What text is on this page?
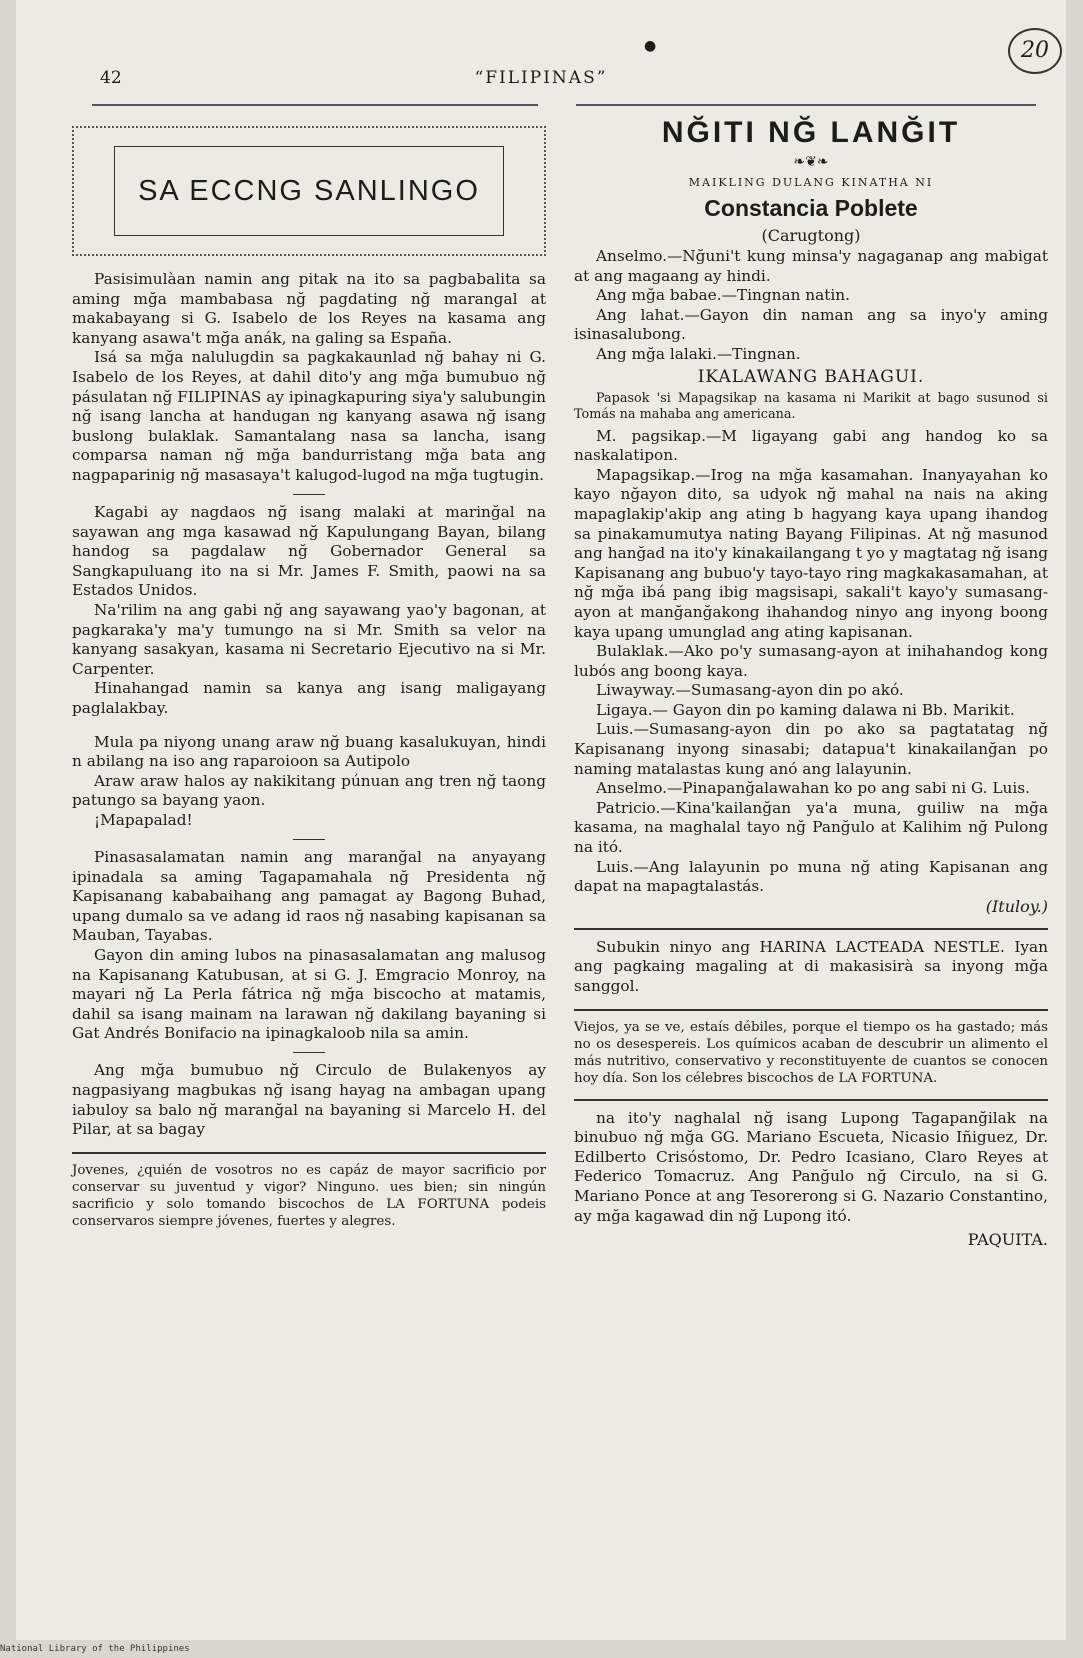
42	“FILIPINAS”
●	20
SA ECCNG SANLINGO

Pasisimulàan namin ang pitak na ito sa pagbabalita sa aming mğa mambabasa nğ pagdating nğ marangal at makabayang si G. Isabelo de los Reyes na kasama ang kanyang asawa't mğa anák, na galing sa España.

Isá sa mğa nalulugdin sa pagkakaunlad nğ bahay ni G. Isabelo de los Reyes, at dahil dito'y ang mğa bumubuo nğ pásulatan nğ FILIPINAS ay ipinagkapuring siya'y salubungin nğ isang lancha at handugan ng kanyang asawa nğ isang buslong bulaklak. Samantalang nasa sa lancha, isang comparsa naman nğ mğa bandurristang mğa bata ang nagpaparinig nğ masasaya't kalugod-lugod na mğa tugtugin.

Kagabi ay nagdaos nğ isang malaki at marinğal na sayawan ang mga kasawad nğ Kapulungang Bayan, bilang handog sa pagdalaw nğ Gobernador General sa Sangkapuluang ito na si Mr. James F. Smith, paowi na sa Estados Unidos.

Na'rilim na ang gabi nğ ang sayawang yao'y bagonan, at pagkaraka'y ma'y tumungo na si Mr. Smith sa velor na kanyang sasakyan, kasama ni Secretario Ejecutivo na si Mr. Carpenter.

Hinahangad namin sa kanya ang isang maligayang paglalakbay.

Mula pa niyong unang araw nğ buang kasalukuyan, hindi n abilang na iso ang raparoioon sa Autipolo

Araw araw halos ay nakikitang púnuan ang tren nğ taong patungo sa bayang yaon.

¡Mapapalad!

Pinasasalamatan namin ang maranğal na anyayang ipinadala sa aming Tagapamahala nğ Presidenta nğ Kapisanang kababaihang ang pamagat ay Bagong Buhad, upang dumalo sa ve adang id raos nğ nasabing kapisanan sa Mauban, Tayabas.

Gayon din aming lubos na pinasasalamatan ang malusog na Kapisanang Katubusan, at si G. J. Emgracio Monroy, na mayari nğ La Perla fátrica nğ mğa biscocho at matamis, dahil sa isang mainam na larawan nğ dakilang bayaning si Gat Andrés Bonifacio na ipinagkaloob nila sa amin.

Ang mğa bumubuo nğ Circulo de Bulakenyos ay nagpasiyang magbukas nğ isang hayag na ambagan upang iabuloy sa balo nğ maranğal na bayaning si Marcelo H. del Pilar, at sa bagay

Jovenes, ¿quién de vosotros no es capáz de mayor sacrificio por conservar su juventud y vigor? Ninguno. ues bien; sin ningún sacrificio y solo tomando biscochos de LA FORTUNA podeis conservaros siempre jóvenes, fuertes y alegres.

NĞITI NĞ LANĞIT

❧❦❧

MAIKLING DULANG KINATHA NI

Constancia Poblete

(Carugtong)

Anselmo.—Nğuni't kung minsa'y nagaganap ang mabigat at ang magaang ay hindi.

Ang mğa babae.—Tingnan natin.

Ang lahat.—Gayon din naman ang sa inyo'y aming isinasalubong.

Ang mğa lalaki.—Tingnan.

IKALAWANG BAHAGUI.

Papasok 'si Mapagsikap na kasama ni Marikit at bago susunod si Tomás na mahaba ang americana.

M. pagsikap.—M ligayang gabi ang handog ko sa naskalatipon.

Mapagsikap.—Irog na mğa kasamahan. Inanyayahan ko kayo nğayon dito, sa udyok nğ mahal na nais na aking mapaglakip'akip ang ating b hagyang kaya upang ihandog sa pinakamumutya nating Bayang Filipinas. At nğ masunod ang hanğad na ito'y kinakailangang t yo y magtatag nğ isang Kapisanang ang bubuo'y tayo-tayo ring magkakasamahan, at nğ mğa ibá pang ibig magsisapi, sakali't kayo'y sumasang-ayon at manğanğakong ihahandog ninyo ang inyong boong kaya upang umunglad ang ating kapisanan.

Bulaklak.—Ako po'y sumasang-ayon at inihahandog kong lubós ang boong kaya.

Liwayway.—Sumasang-ayon din po akó.

Ligaya.— Gayon din po kaming dalawa ni Bb. Marikit.

Luis.—Sumasang-ayon din po ako sa pagtatatag nğ Kapisanang inyong sinasabi; datapua't kinakailanğan po naming matalastas kung anó ang lalayunin.

Anselmo.—Pinapanğalawahan ko po ang sabi ni G. Luis.

Patricio.—Kina'kailanğan ya'a muna, guiliw na mğa kasama, na maghalal tayo nğ Panğulo at Kalihim nğ Pulong na itó.

Luis.—Ang lalayunin po muna nğ ating Kapisanan ang dapat na mapagtalastás.

(Ituloy.)

Subukin ninyo ang HARINA LACTEADA NESTLE. Iyan ang pagkaing magaling at di makasisirà sa inyong mğa sanggol.

Viejos, ya se ve, estaís débiles, porque el tiempo os ha gastado; más no os desespereis. Los químicos acaban de descubrir un alimento el más nutritivo, conservativo y reconstituyente de cuantos se conocen hoy día. Son los célebres biscochos de LA FORTUNA.

na ito'y naghalal nğ isang Lupong Tagapanğilak na binubuo nğ mğa GG. Mariano Escueta, Nicasio Iñiguez, Dr. Edilberto Crisóstomo, Dr. Pedro Icasiano, Claro Reyes at Federico Tomacruz. Ang Panğulo nğ Circulo, na si G. Mariano Ponce at ang Tesorerong si G. Nazario Constantino, ay mğa kagawad din nğ Lupong itó.

PAQUITA.

National Library of the Philippines
